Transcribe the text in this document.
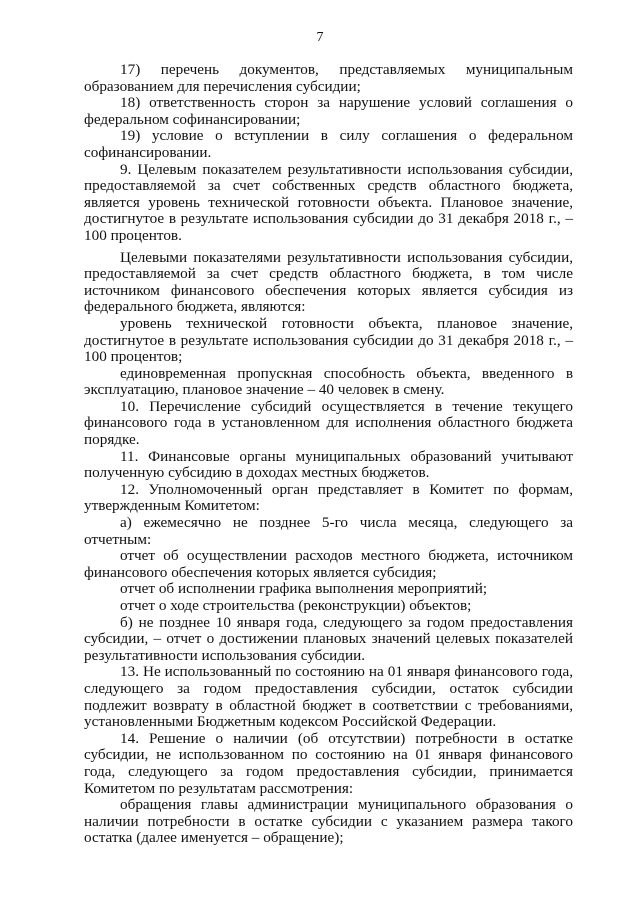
7

17) перечень документов, представляемых муниципальным образованием для перечисления субсидии;

18) ответственность сторон за нарушение условий соглашения о федеральном софинансировании;

19) условие о вступлении в силу соглашения о федеральном софинансировании.

9. Целевым показателем результативности использования субсидии, предоставляемой за счет собственных средств областного бюджета, является уровень технической готовности объекта. Плановое значение, достигнутое в результате использования субсидии до 31 декабря 2018 г., – 100 процентов.

Целевыми показателями результативности использования субсидии, предоставляемой за счет средств областного бюджета, в том числе источником финансового обеспечения которых является субсидия из федерального бюджета, являются:

уровень технической готовности объекта, плановое значение, достигнутое в результате использования субсидии до 31 декабря 2018 г., – 100 процентов;

единовременная пропускная способность объекта, введенного в эксплуатацию, плановое значение – 40 человек в смену.

10. Перечисление субсидий осуществляется в течение текущего финансового года в установленном для исполнения областного бюджета порядке.

11. Финансовые органы муниципальных образований учитывают полученную субсидию в доходах местных бюджетов.

12. Уполномоченный орган представляет в Комитет по формам, утвержденным Комитетом:

а) ежемесячно не позднее 5-го числа месяца, следующего за отчетным:

отчет об осуществлении расходов местного бюджета, источником финансового обеспечения которых является субсидия;

отчет об исполнении графика выполнения мероприятий;

отчет о ходе строительства (реконструкции) объектов;

б) не позднее 10 января года, следующего за годом предоставления субсидии, – отчет о достижении плановых значений целевых показателей результативности использования субсидии.

13. Не использованный по состоянию на 01 января финансового года, следующего за годом предоставления субсидии, остаток субсидии подлежит возврату в областной бюджет в соответствии с требованиями, установленными Бюджетным кодексом Российской Федерации.

14. Решение о наличии (об отсутствии) потребности в остатке субсидии, не использованном по состоянию на 01 января финансового года, следующего за годом предоставления субсидии, принимается Комитетом по результатам рассмотрения:

обращения главы администрации муниципального образования о наличии потребности в остатке субсидии с указанием размера такого остатка (далее именуется – обращение);
